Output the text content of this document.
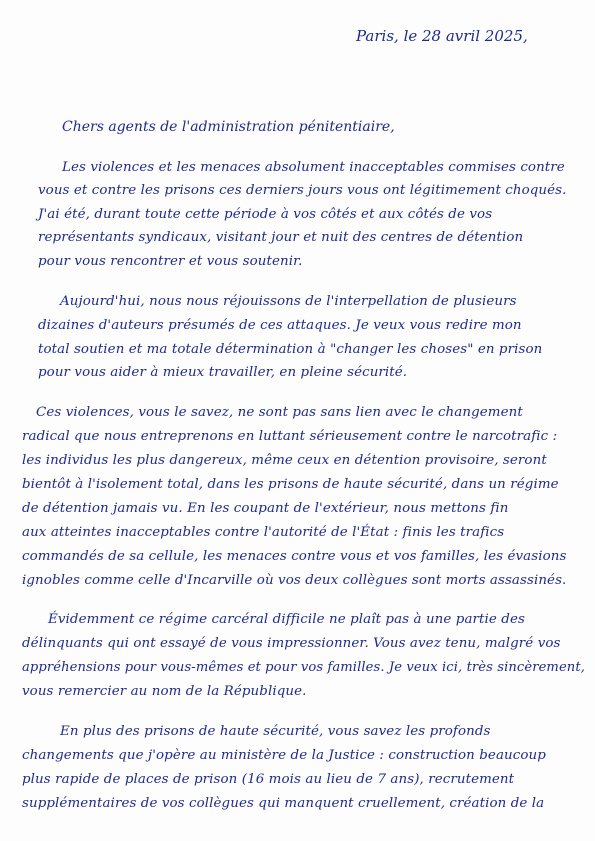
Paris, le 28 avril 2025,
Chers agents de l'administration pénitentiaire,
Les violences et les menaces absolument inacceptables commises contre
vous et contre les prisons ces derniers jours vous ont légitimement choqués.
J'ai été, durant toute cette période à vos côtés et aux côtés de vos
représentants syndicaux, visitant jour et nuit des centres de détention
pour vous rencontrer et vous soutenir.
Aujourd'hui, nous nous réjouissons de l'interpellation de plusieurs
dizaines d'auteurs présumés de ces attaques. Je veux vous redire mon
total soutien et ma totale détermination à "changer les choses" en prison
pour vous aider à mieux travailler, en pleine sécurité.
Ces violences, vous le savez, ne sont pas sans lien avec le changement
radical que nous entreprenons en luttant sérieusement contre le narcotrafic :
les individus les plus dangereux, même ceux en détention provisoire, seront
bientôt à l'isolement total, dans les prisons de haute sécurité, dans un régime
de détention jamais vu. En les coupant de l'extérieur, nous mettons fin
aux atteintes inacceptables contre l'autorité de l'État : finis les trafics
commandés de sa cellule, les menaces contre vous et vos familles, les évasions
ignobles comme celle d'Incarville où vos deux collègues sont morts assassinés.
Évidemment ce régime carcéral difficile ne plaît pas à une partie des
délinquants qui ont essayé de vous impressionner. Vous avez tenu, malgré vos
appréhensions pour vous-mêmes et pour vos familles. Je veux ici, très sincèrement,
vous remercier au nom de la République.
En plus des prisons de haute sécurité, vous savez les profonds
changements que j'opère au ministère de la Justice : construction beaucoup
plus rapide de places de prison (16 mois au lieu de 7 ans), recrutement
supplémentaires de vos collègues qui manquent cruellement, création de la
